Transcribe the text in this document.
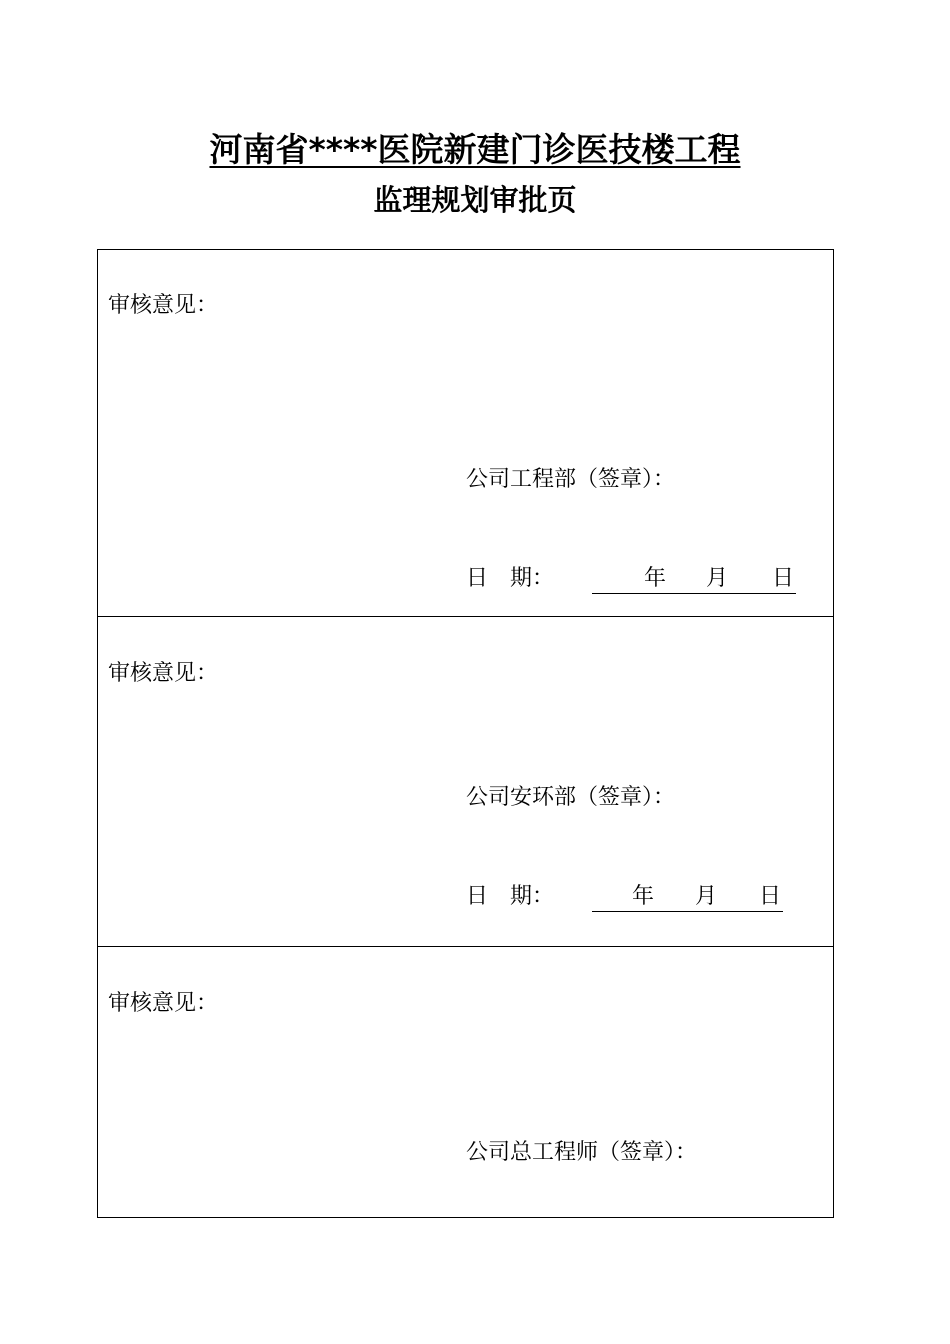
河南省****医院新建门诊医技楼工程
监理规划审批页
审核意见：
公司工程部（签章）：
日　期：	年 月 日
审核意见：
公司安环部（签章）：
日　期：	年 月 日
审核意见：
公司总工程师（签章）：
